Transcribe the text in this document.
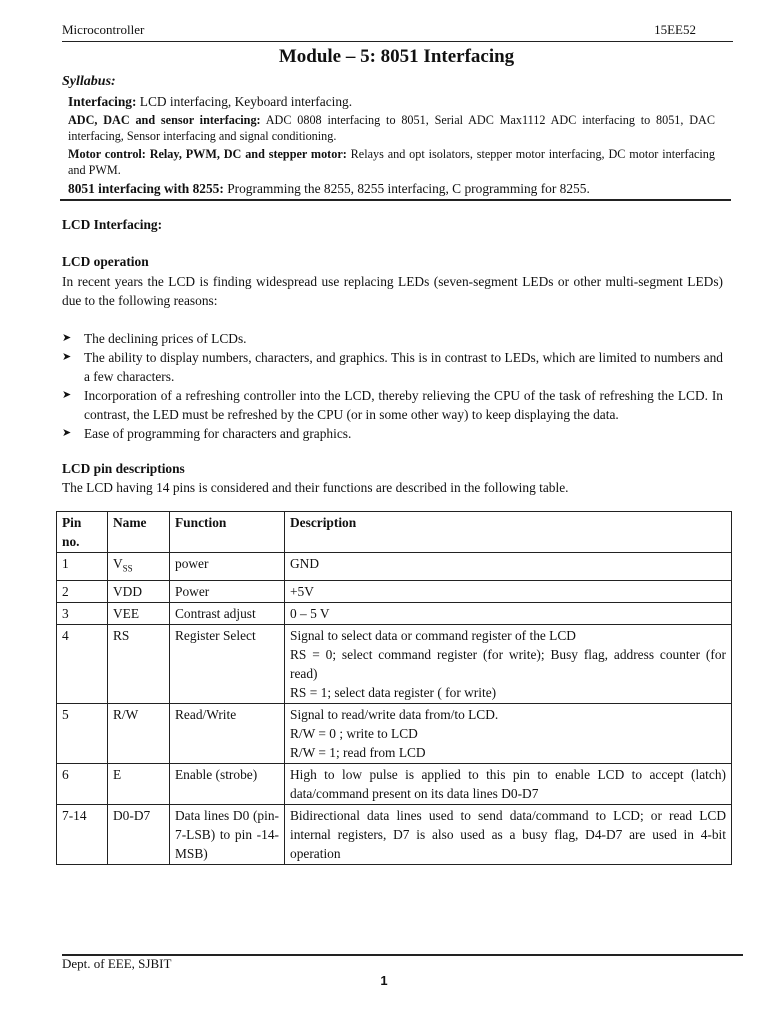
Microcontroller	15EE52
Module – 5: 8051 Interfacing
Syllabus:
Interfacing: LCD interfacing, Keyboard interfacing.
ADC, DAC and sensor interfacing: ADC 0808 interfacing to 8051, Serial ADC Max1112 ADC interfacing to 8051, DAC interfacing, Sensor interfacing and signal conditioning.
Motor control: Relay, PWM, DC and stepper motor: Relays and opt isolators, stepper motor interfacing, DC motor interfacing and PWM.
8051 interfacing with 8255: Programming the 8255, 8255 interfacing, C programming for 8255.
LCD Interfacing:
LCD operation
In recent years the LCD is finding widespread use replacing LEDs (seven-segment LEDs or other multi-segment LEDs) due to the following reasons:
➤ The declining prices of LCDs.
➤ The ability to display numbers, characters, and graphics. This is in contrast to LEDs, which are limited to numbers and a few characters.
➤ Incorporation of a refreshing controller into the LCD, thereby relieving the CPU of the task of refreshing the LCD. In contrast, the LED must be refreshed by the CPU (or in some other way) to keep displaying the data.
➤ Ease of programming for characters and graphics.
LCD pin descriptions
The LCD having 14 pins is considered and their functions are described in the following table.
Pin no.	Name	Function	Description
1	$V_{SS}$	power	GND

2	VDD	Power	+5V

3	VEE	Contrast adjust	0 – 5 V

4	RS	Register Select	Signal to select data or command register of the LCD
RS = 0; select command register (for write); Busy flag, address counter (for read)
RS = 1; select data register ( for write)

5	R/W	Read/Write	Signal to read/write data from/to LCD.
R/W = 0 ; write to LCD
R/W = 1; read from LCD

6	E	Enable (strobe)	High to low pulse is applied to this pin to enable LCD to accept (latch) data/command present on its data lines D0-D7

7-14	D0-D7	Data lines D0 (pin-7-LSB) to pin -14-MSB)	Bidirectional data lines used to send data/command to LCD; or read LCD internal registers, D7 is also used as a busy flag, D4-D7 are used in 4-bit operation
Dept. of EEE, SJBIT
1
